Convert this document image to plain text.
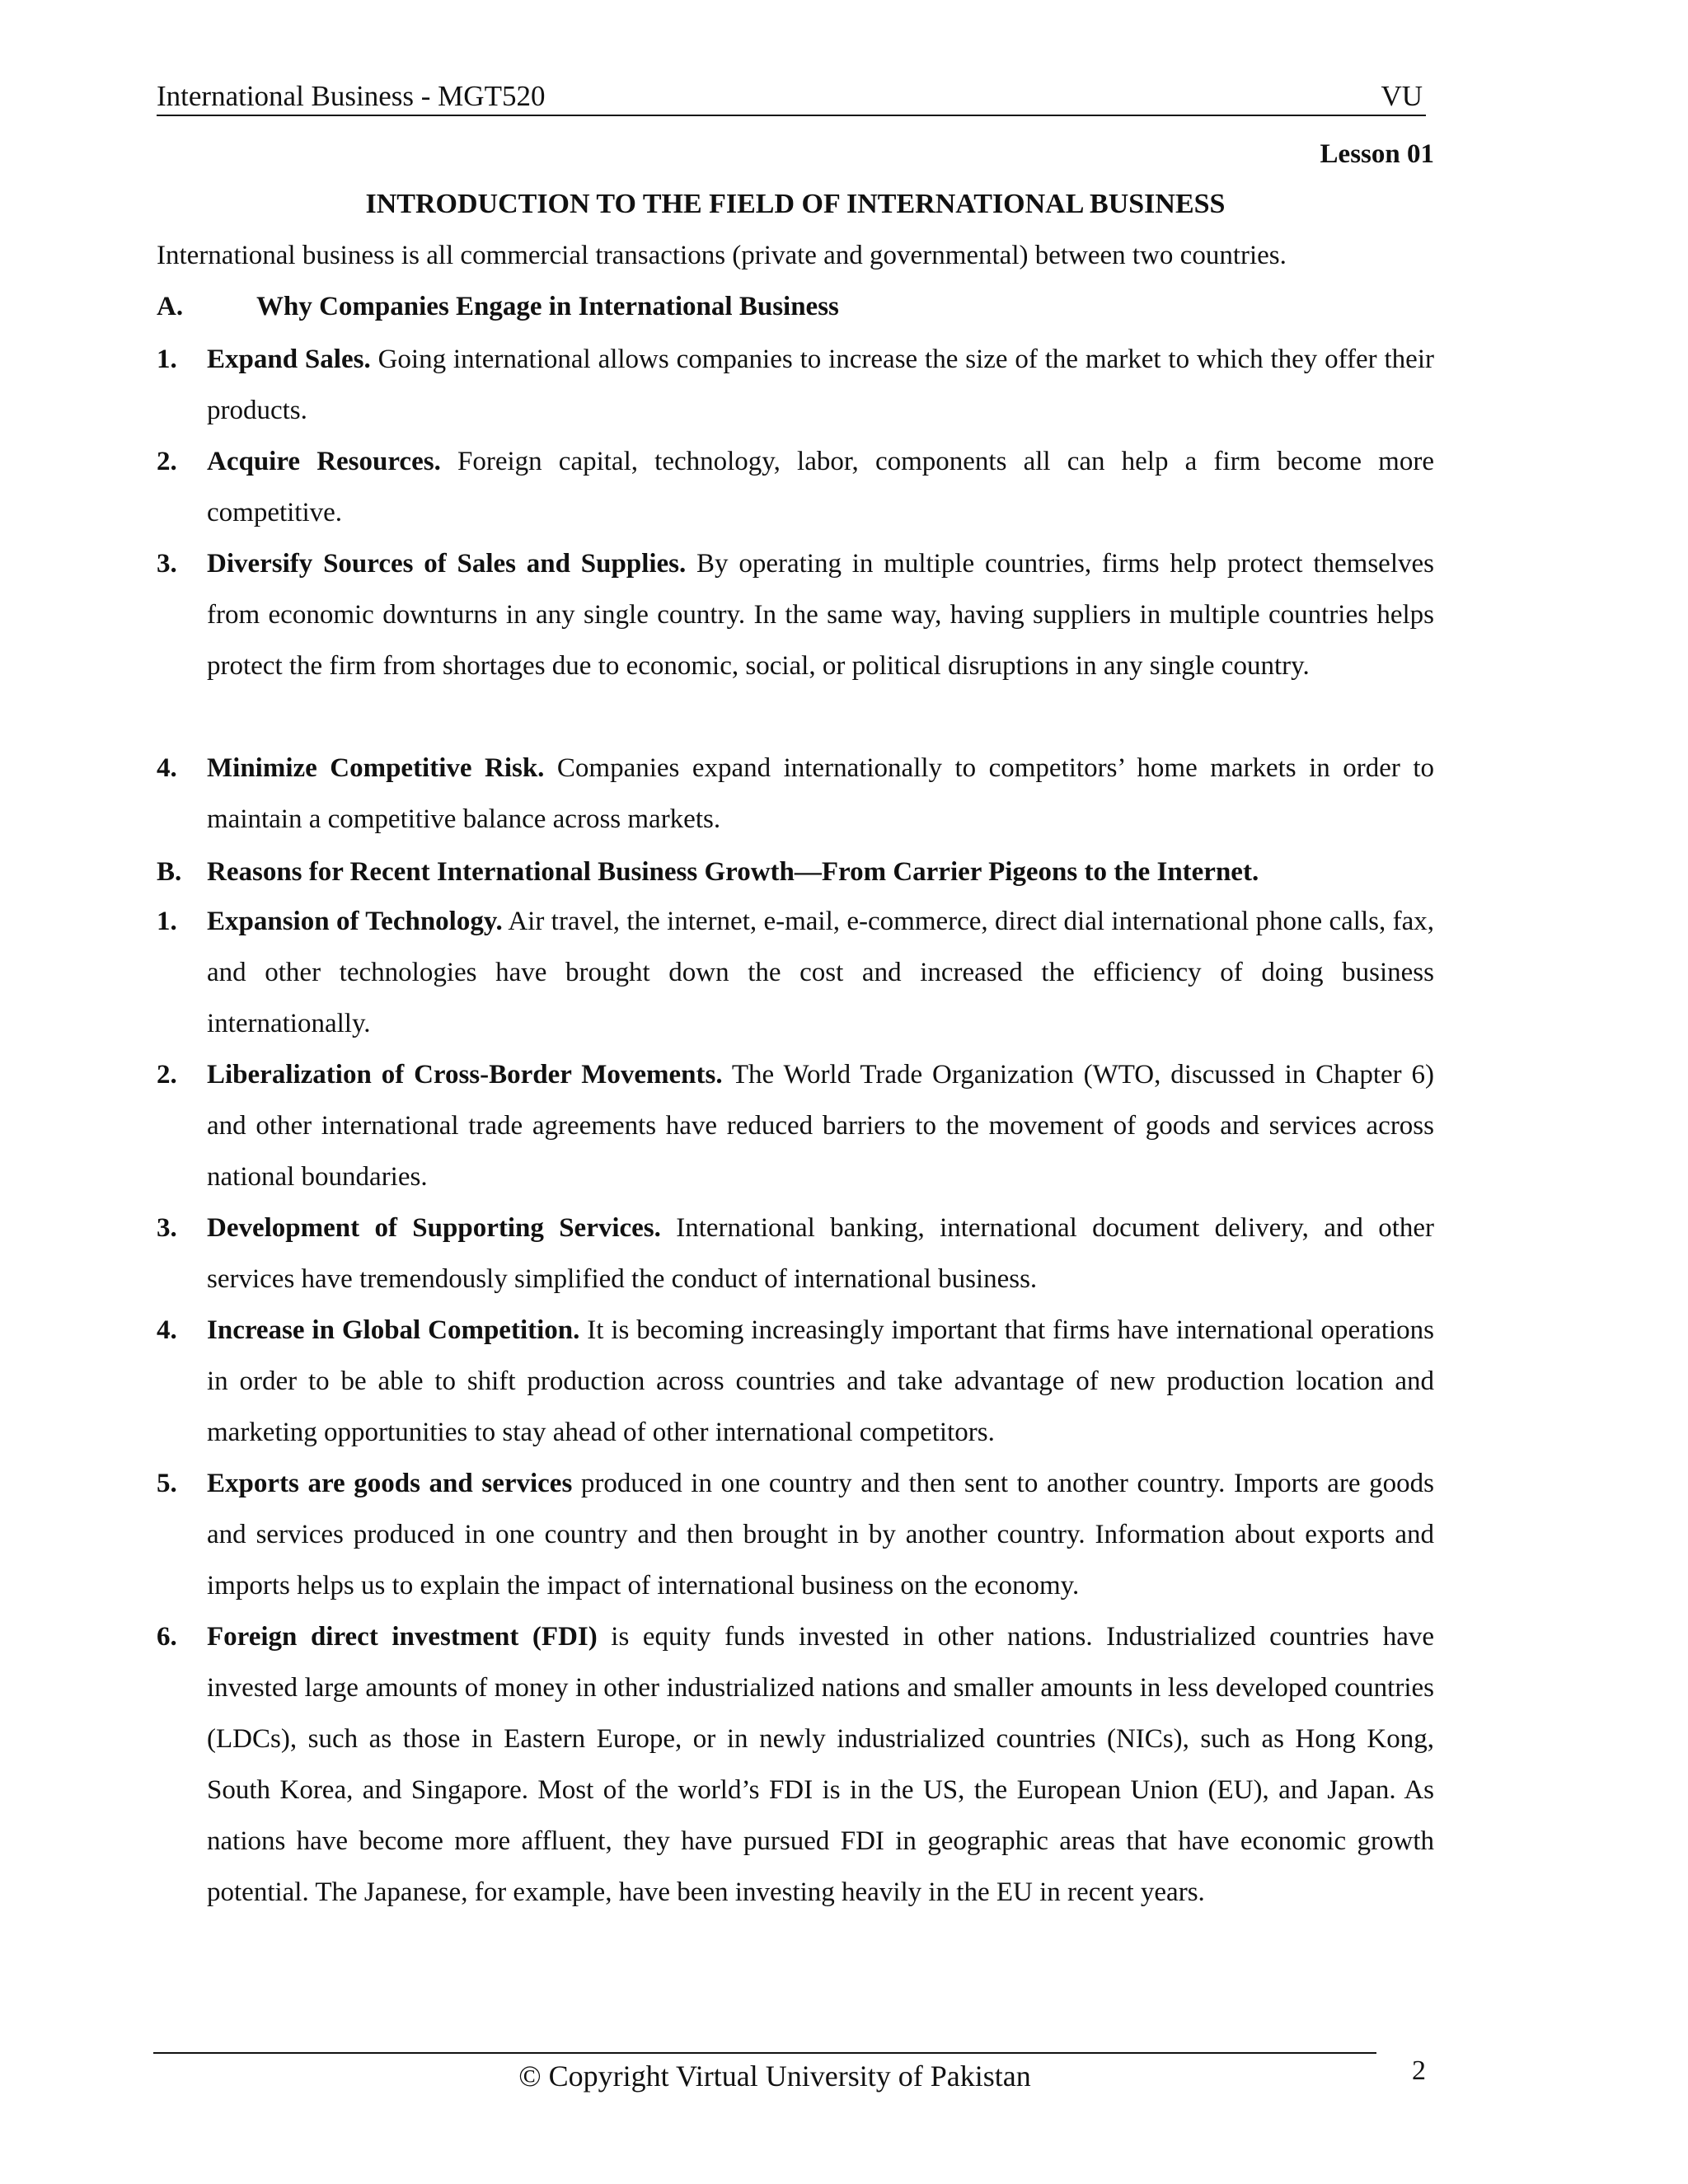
International Business - MGT520	VU
Lesson 01
INTRODUCTION TO THE FIELD OF INTERNATIONAL BUSINESS
International business is all commercial transactions (private and governmental) between two countries.
A.	Why Companies Engage in International Business
1. Expand Sales. Going international allows companies to increase the size of the market to which they offer their products.
2. Acquire Resources. Foreign capital, technology, labor, components all can help a firm become more competitive.
3. Diversify Sources of Sales and Supplies. By operating in multiple countries, firms help protect themselves from economic downturns in any single country. In the same way, having suppliers in multiple countries helps protect the firm from shortages due to economic, social, or political disruptions in any single country.
4. Minimize Competitive Risk. Companies expand internationally to competitors’ home markets in order to maintain a competitive balance across markets.
B. Reasons for Recent International Business Growth—From Carrier Pigeons to the Internet.
1. Expansion of Technology. Air travel, the internet, e-mail, e-commerce, direct dial international phone calls, fax, and other technologies have brought down the cost and increased the efficiency of doing business internationally.
2. Liberalization of Cross-Border Movements. The World Trade Organization (WTO, discussed in Chapter 6) and other international trade agreements have reduced barriers to the movement of goods and services across national boundaries.
3. Development of Supporting Services. International banking, international document delivery, and other services have tremendously simplified the conduct of international business.
4. Increase in Global Competition. It is becoming increasingly important that firms have international operations in order to be able to shift production across countries and take advantage of new production location and marketing opportunities to stay ahead of other international competitors.
5. Exports are goods and services produced in one country and then sent to another country. Imports are goods and services produced in one country and then brought in by another country. Information about exports and imports helps us to explain the impact of international business on the economy.
6. Foreign direct investment (FDI) is equity funds invested in other nations. Industrialized countries have invested large amounts of money in other industrialized nations and smaller amounts in less developed countries (LDCs), such as those in Eastern Europe, or in newly industrialized countries (NICs), such as Hong Kong, South Korea, and Singapore. Most of the world’s FDI is in the US, the European Union (EU), and Japan. As nations have become more affluent, they have pursued FDI in geographic areas that have economic growth potential. The Japanese, for example, have been investing heavily in the EU in recent years.
© Copyright Virtual University of Pakistan	2
